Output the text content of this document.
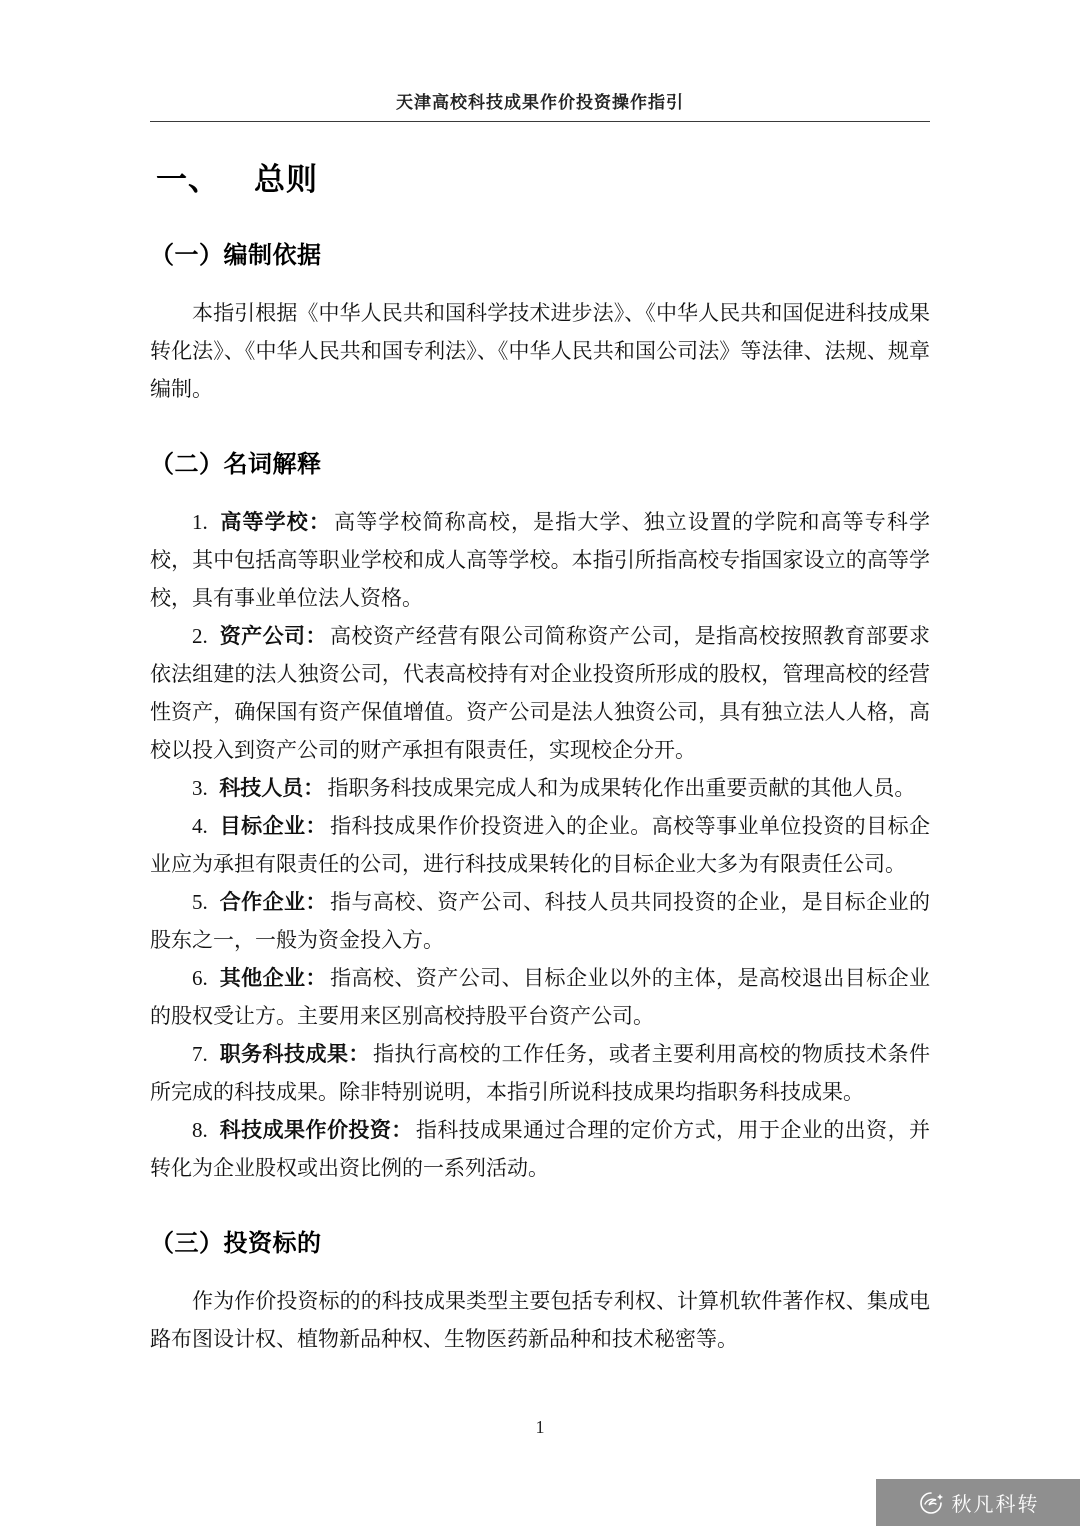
天津高校科技成果作价投资操作指引
一、 总则
（一）编制依据

本指引根据《中华人民共和国科学技术进步法》、《中华人民共和国促进科技成果转化法》、《中华人民共和国专利法》、《中华人民共和国公司法》等法律、法规、规章编制。

（二）名词解释

1. 高等学校： 高等学校简称高校，是指大学、独立设置的学院和高等专科学校，其中包括高等职业学校和成人高等学校。本指引所指高校专指国家设立的高等学校，具有事业单位法人资格。

2. 资产公司： 高校资产经营有限公司简称资产公司，是指高校按照教育部要求依法组建的法人独资公司，代表高校持有对企业投资所形成的股权，管理高校的经营性资产，确保国有资产保值增值。资产公司是法人独资公司，具有独立法人人格，高校以投入到资产公司的财产承担有限责任，实现校企分开。

3. 科技人员： 指职务科技成果完成人和为成果转化作出重要贡献的其他人员。

4. 目标企业： 指科技成果作价投资进入的企业。高校等事业单位投资的目标企业应为承担有限责任的公司，进行科技成果转化的目标企业大多为有限责任公司。

5. 合作企业： 指与高校、资产公司、科技人员共同投资的企业，是目标企业的股东之一，一般为资金投入方。

6. 其他企业： 指高校、资产公司、目标企业以外的主体，是高校退出目标企业的股权受让方。主要用来区别高校持股平台资产公司。

7. 职务科技成果： 指执行高校的工作任务，或者主要利用高校的物质技术条件所完成的科技成果。除非特别说明，本指引所说科技成果均指职务科技成果。

8. 科技成果作价投资： 指科技成果通过合理的定价方式，用于企业的出资，并转化为企业股权或出资比例的一系列活动。

（三）投资标的

作为作价投资标的的科技成果类型主要包括专利权、计算机软件著作权、集成电路布图设计权、植物新品种权、生物医药新品种和技术秘密等。

1
秋凡科转
